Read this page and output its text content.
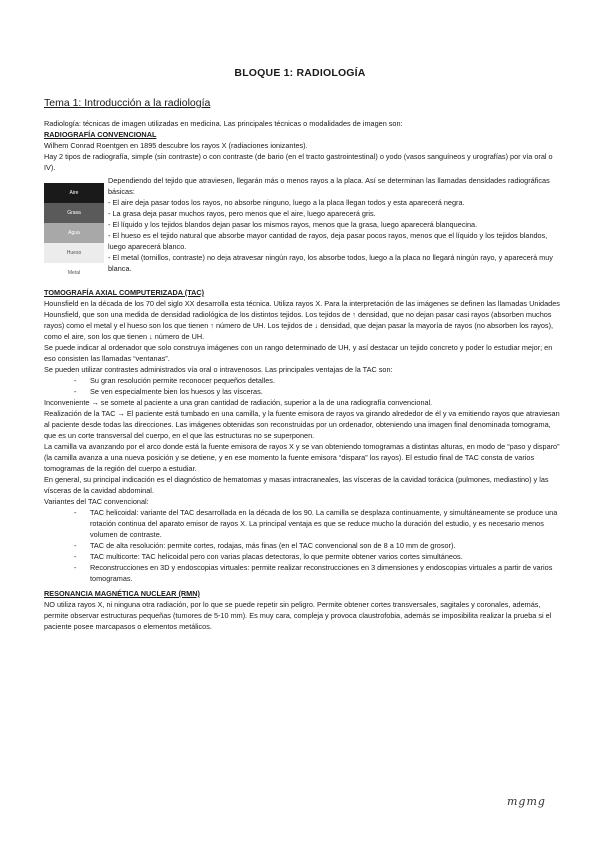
BLOQUE 1: RADIOLOGÍA
Tema 1: Introducción a la radiología

Radiología: técnicas de imagen utilizadas en medicina. Las principales técnicas o modalidades de imagen son:

RADIOGRAFÍA CONVENCIONAL

Wilhem Conrad Roentgen en 1895 descubre los rayos X (radiaciones ionizantes).

Hay 2 tipos de radiografía, simple (sin contraste) o con contraste (de bario (en el tracto gastrointestinal) o yodo (vasos sanguíneos y urografías) por vía oral o IV).

Aire
Grasa
Agua
Hueso
Metal

Dependiendo del tejido que atraviesen, llegarán más o menos rayos a la placa. Así se determinan las llamadas densidades radiográficas básicas:

- El aire deja pasar todos los rayos, no absorbe ninguno, luego a la placa llegan todos y esta aparecerá negra.

- La grasa deja pasar muchos rayos, pero menos que el aire, luego aparecerá gris.

- El líquido y los tejidos blandos dejan pasar los mismos rayos, menos que la grasa, luego aparecerá blanquecina.

- El hueso es el tejido natural que absorbe mayor cantidad de rayos, deja pasar pocos rayos, menos que el líquido y los tejidos blandos, luego aparecerá blanco.

- El metal (tornillos, contraste) no deja atravesar ningún rayo, los absorbe todos, luego a la placa no llegará ningún rayo, y aparecerá muy blanca.

TOMOGRAFÍA AXIAL COMPUTERIZADA (TAC)

Hounsfield en la década de los 70 del siglo XX desarrolla esta técnica. Utiliza rayos X. Para la interpretación de las imágenes se definen las llamadas Unidades Hounsfield, que son una medida de densidad radiológica de los distintos tejidos. Los tejidos de ↑ densidad, que no dejan pasar casi rayos (absorben muchos rayos) como el metal y el hueso son los que tienen ↑ número de UH. Los tejidos de ↓ densidad, que dejan pasar la mayoría de rayos (no absorben los rayos), como el aire, son los que tienen ↓ número de UH.

Se puede indicar al ordenador que solo construya imágenes con un rango determinado de UH, y así destacar un tejido concreto y poder lo estudiar mejor; en eso consisten las llamadas “ventanas”.

Se pueden utilizar contrastes administrados vía oral o intravenosos. Las principales ventajas de la TAC son:

- Su gran resolución permite reconocer pequeños detalles.

- Se ven especialmente bien los huesos y las vísceras.

Inconveniente → se somete al paciente a una gran cantidad de radiación, superior a la de una radiografía convencional.

Realización de la TAC → El paciente está tumbado en una camilla, y la fuente emisora de rayos va girando alrededor de él y va emitiendo rayos que atraviesan al paciente desde todas las direcciones. Las imágenes obtenidas son reconstruidas por un ordenador, obteniendo una imagen final denominada tomograma, que es un corte transversal del cuerpo, en el que las estructuras no se superponen.

La camilla va avanzando por el arco donde está la fuente emisora de rayos X y se van obteniendo tomogramas a distintas alturas, en modo de “paso y disparo” (la camilla avanza a una nueva posición y se detiene, y en ese momento la fuente emisora “dispara” los rayos). El estudio final de TAC consta de varios tomogramas de la región del cuerpo a estudiar.

En general, su principal indicación es el diagnóstico de hematomas y masas intracraneales, las vísceras de la cavidad torácica (pulmones, mediastino) y las vísceras de la cavidad abdominal.

Variantes del TAC convencional:

- TAC helicoidal: variante del TAC desarrollada en la década de los 90. La camilla se desplaza continuamente, y simultáneamente se produce una rotación continua del aparato emisor de rayos X. La principal ventaja es que se reduce mucho la duración del estudio, y es necesario menos volumen de contraste.

- TAC de alta resolución: permite cortes, rodajas, más finas (en el TAC convencional son de 8 a 10 mm de grosor).

- TAC multicorte: TAC helicoidal pero con varias placas detectoras, lo que permite obtener varios cortes simultáneos.

- Reconstrucciones en 3D y endoscopias virtuales: permite realizar reconstrucciones en 3 dimensiones y endoscopias virtuales a partir de varios tomogramas.

RESONANCIA MAGNÉTICA NUCLEAR (RMN)

NO utiliza rayos X, ni ninguna otra radiación, por lo que se puede repetir sin peligro. Permite obtener cortes transversales, sagitales y coronales, además, permite observar estructuras pequeñas (tumores de 5-10 mm). Es muy cara, compleja y provoca claustrofobia, además se imposibilita realizar la prueba si el paciente posee marcapasos o elementos metálicos.

mgmg
